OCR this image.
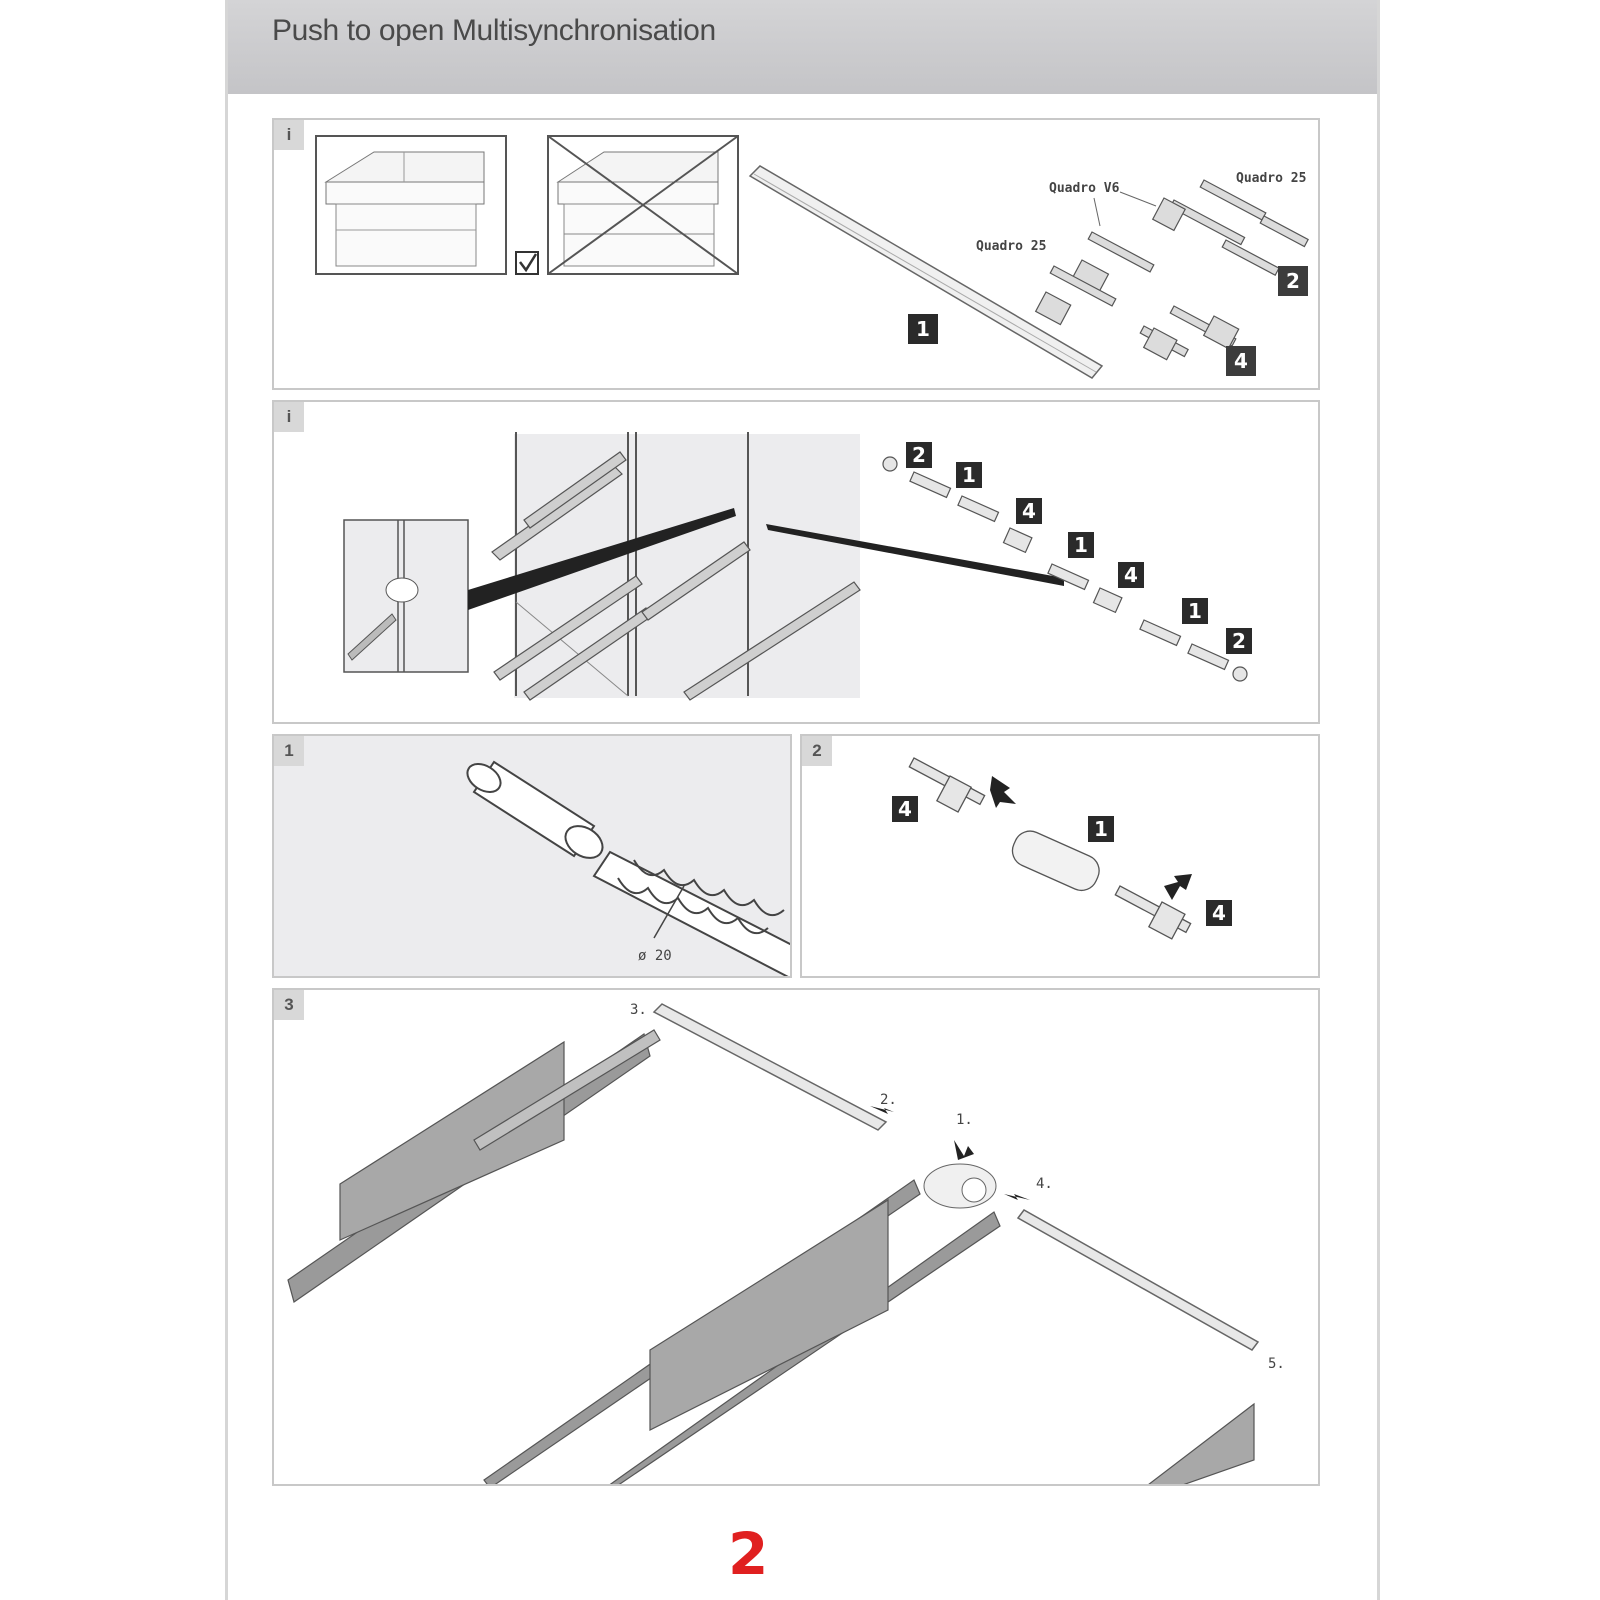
Push to open Multisynchronisation
i
Quadro V6
Quadro 25
Quadro 25
1
2
4
i
2
1
4
1
4
1
2
1
ø 20
2
4
1
4
3	3.
2.
1.
4.
5.
2
